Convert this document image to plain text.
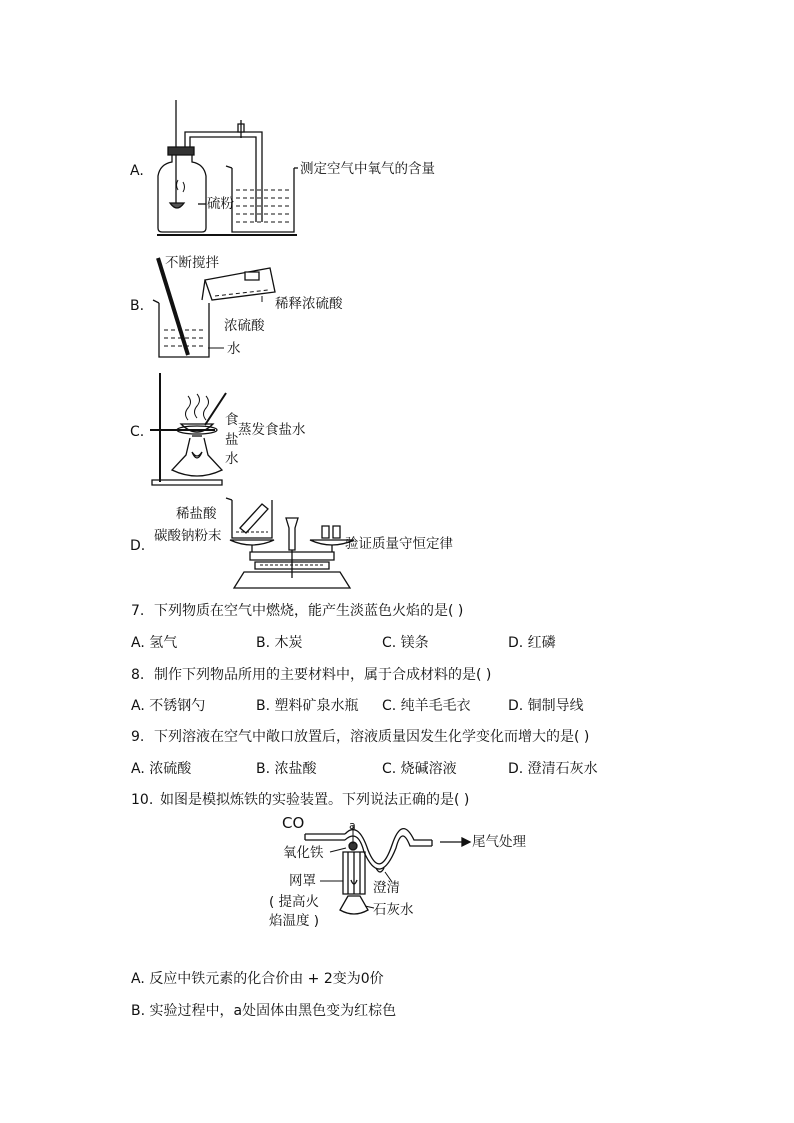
A.
硫粉
测定空气中氧气的含量
B.
不断搅拌
稀释浓硫酸
浓硫酸
水
C.
食
蒸发食盐水
盐
水
D.
稀盐酸
碳酸钠粉末	验证质量守恒定律
7. 下列物质在空气中燃烧，能产生淡蓝色火焰的是( )
A. 氢气	B. 木炭	C. 镁条	D. 红磷
8. 制作下列物品所用的主要材料中，属于合成材料的是( )
A. 不锈钢勺	B. 塑料矿泉水瓶 C. 纯羊毛毛衣	D. 铜制导线
9. 下列溶液在空气中敞口放置后，溶液质量因发生化学变化而增大的是( )
A. 浓硫酸	B. 浓盐酸	C. 烧碱溶液	D. 澄清石灰水
10. 如图是模拟炼铁的实验装置。下列说法正确的是( )
CO	a
尾气处理
氧化铁
网罩	澄清
( 提高火	石灰水
焰温度 )
A. 反应中铁元素的化合价由 + 2变为0价
B. 实验过程中，a处固体由黑色变为红棕色
